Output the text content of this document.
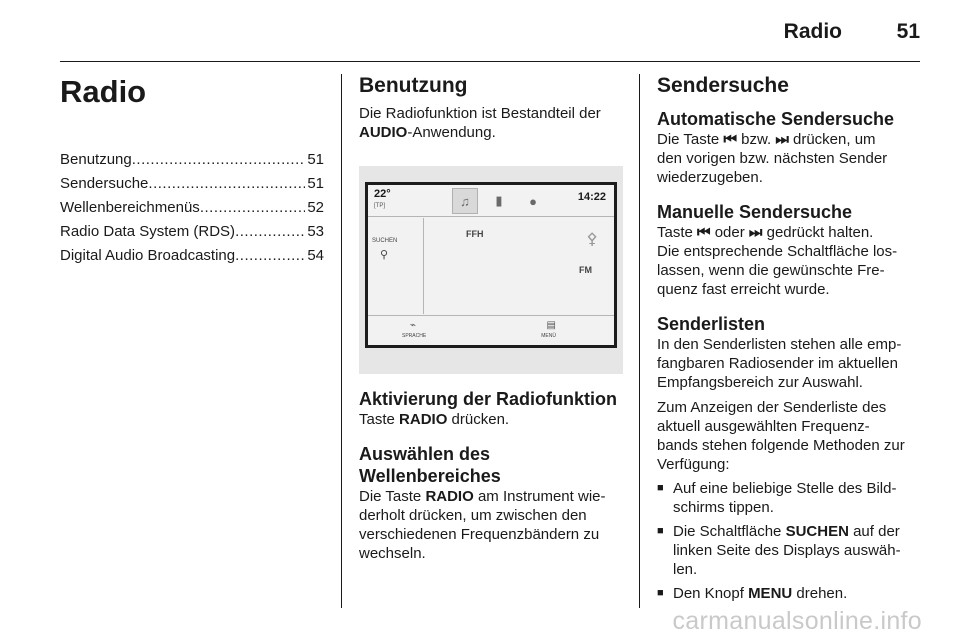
Radio	51
Radio
Benutzung .....	51
Sendersuche .....	51
Wellenbereichmenüs .....	52
Radio Data System (RDS) .....	53
Digital Audio Broadcasting .....	54
Benutzung

Die Radiofunktion ist Bestandteil der
AUDIO-Anwendung.

22°
[TP]	♫	▮	●	14:22
SUCHEN
⚲
FFH	⚴
FM
⌁
SPRACHE
▤
MENÜ
Aktivierung der Radiofunktion

Taste RADIO drücken.

Auswählen des
Wellenbereiches

Die Taste RADIO am Instrument wie-
derholt drücken, um zwischen den
verschiedenen Frequenzbändern zu
wechseln.

Sendersuche
Automatische Sendersuche

Die Taste ⏮ bzw. ⏭ drücken, um
den vorigen bzw. nächsten Sender
wiederzugeben.

Manuelle Sendersuche

Taste ⏮ oder ⏭ gedrückt halten.
Die entsprechende Schaltfläche los-
lassen, wenn die gewünschte Fre-
quenz fast erreicht wurde.

Senderlisten

In den Senderlisten stehen alle emp-
fangbaren Radiosender im aktuellen
Empfangsbereich zur Auswahl.

Zum Anzeigen der Senderliste des
aktuell ausgewählten Frequenz-
bands stehen folgende Methoden zur
Verfügung:

■ Auf eine beliebige Stelle des Bild-
schirms tippen.
■ Die Schaltfläche SUCHEN auf der
linken Seite des Displays auswäh-
len.
■ Den Knopf MENU drehen.
carmanualsonline.info
